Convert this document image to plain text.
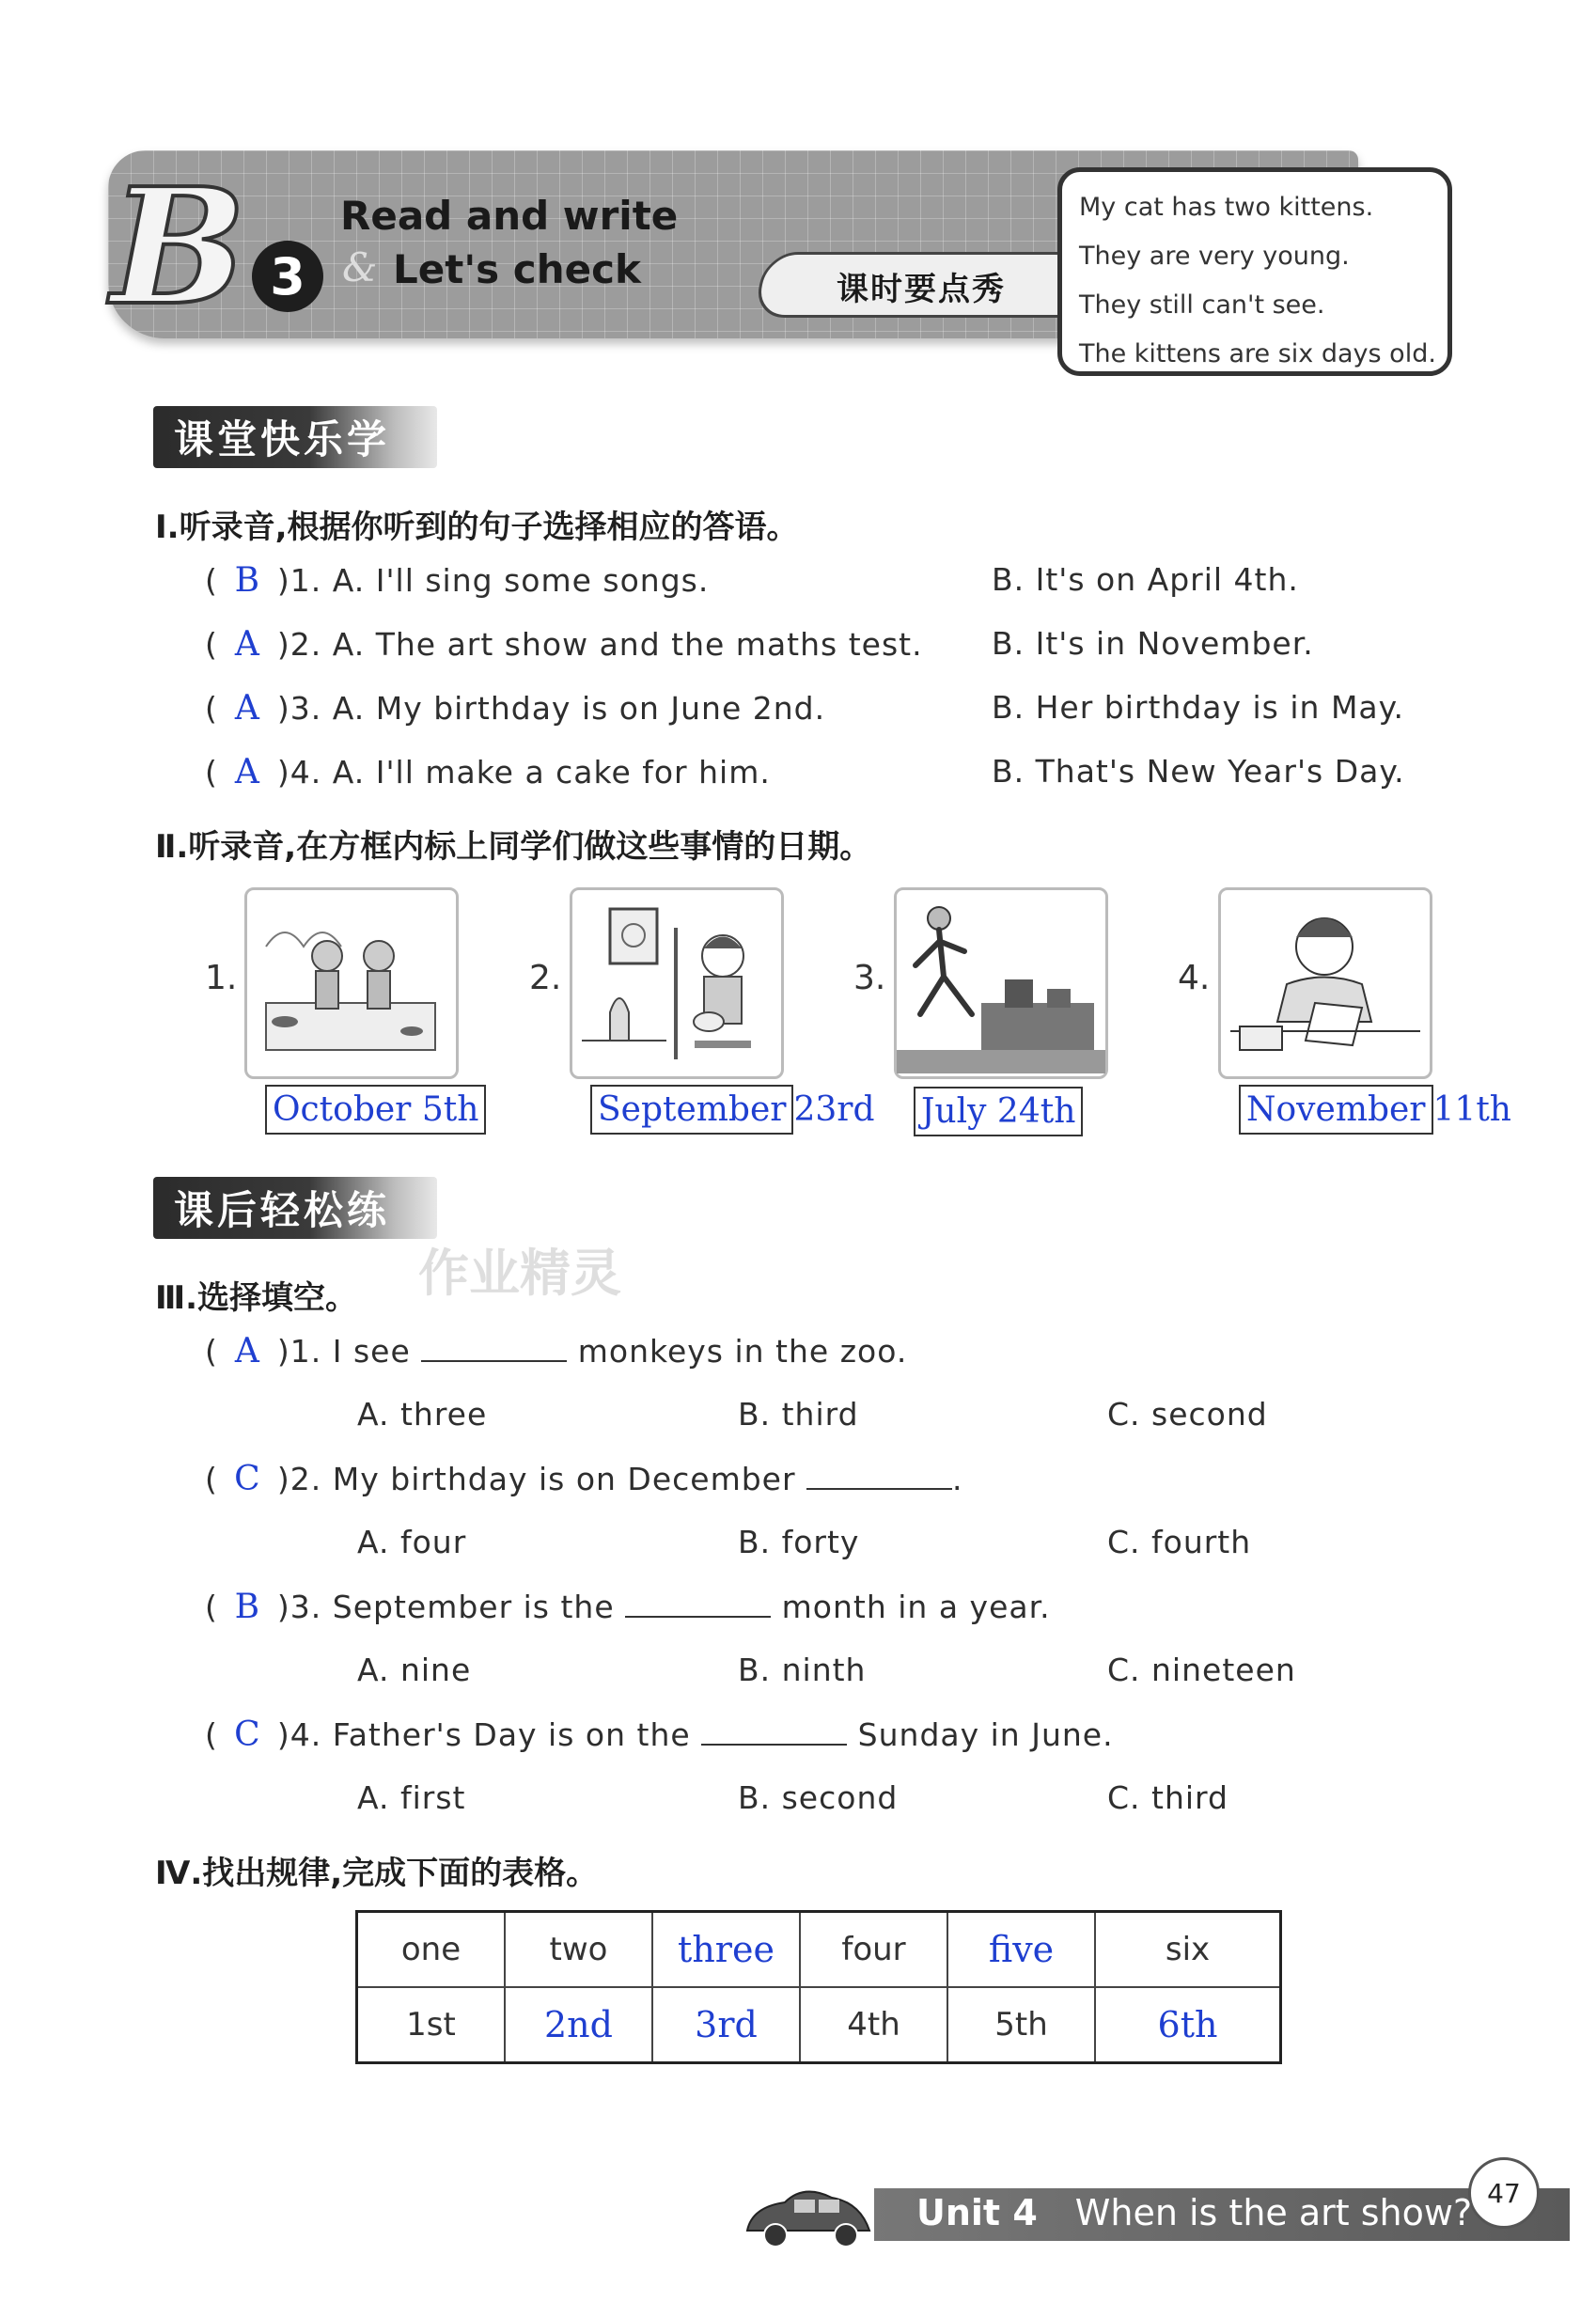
B 3
Read and write
& Let's check	课时要点秀
My cat has two kittens.
They are very young.
They still can't see.
The kittens are six days old.
课堂快乐学
Ⅰ.听录音,根据你听到的句子选择相应的答语。
( B )1. A. I'll sing some songs.	B. It's on April 4th.
( A )2. A. The art show and the maths test. B. It's in November.
( A )3. A. My birthday is on June 2nd.	B. Her birthday is in May.
( A )4. A. I'll make a cake for him.	B. That's New Year's Day.
Ⅱ.听录音,在方框内标上同学们做这些事情的日期。
1.	2.	3.	4.
October 5th	September 23rd July 24th	November 11th
课后轻松练
作业精灵
Ⅲ.选择填空。
( A )1. I see	monkeys in the zoo.
A. three	B. third	C. second
( C )2. My birthday is on December	.
A. four	B. forty	C. fourth
( B )3. September is the	month in a year.
A. nine	B. ninth	C. nineteen
( C )4. Father's Day is on the	Sunday in June.
A. first	B. second	C. third
Ⅳ.找出规律,完成下面的表格。
one	two	three	four	five	six
1st	2nd	3rd	4th	5th	6th
Unit 4 When is the art show? 47
